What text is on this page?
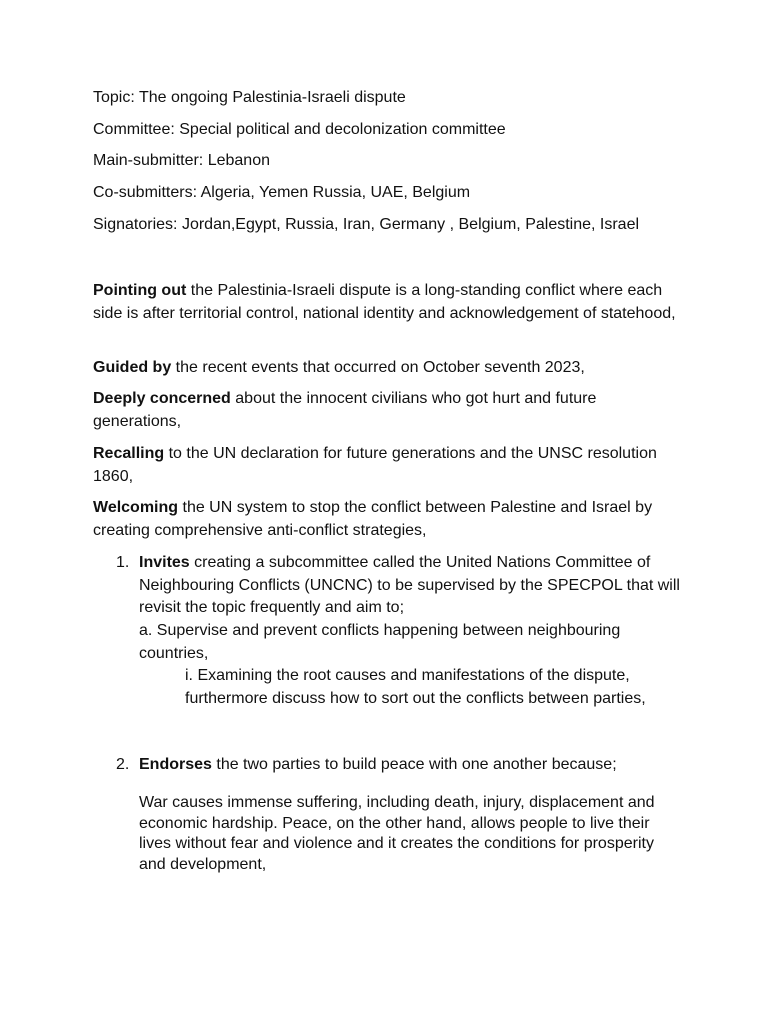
Topic: The ongoing Palestinia-Israeli dispute
Committee: Special political and decolonization committee
Main-submitter: Lebanon
Co-submitters: Algeria, Yemen Russia, UAE, Belgium
Signatories: Jordan,Egypt, Russia, Iran, Germany , Belgium, Palestine, Israel
Pointing out the Palestinia-Israeli dispute is a long-standing conflict where each side is after territorial control, national identity and acknowledgement of statehood,
Guided by the recent events that occurred on October seventh 2023,
Deeply concerned about the innocent civilians who got hurt and future generations,
Recalling to the UN declaration for future generations and the UNSC resolution 1860,
Welcoming the UN system to stop the conflict between Palestine and Israel by creating comprehensive anti-conflict strategies,
1. Invites creating a subcommittee called the United Nations Committee of Neighbouring Conflicts (UNCNC) to be supervised by the SPECPOL that will revisit the topic frequently and aim to;
a. Supervise and prevent conflicts happening between neighbouring countries,
i. Examining the root causes and manifestations of the dispute, furthermore discuss how to sort out the conflicts between parties,
2. Endorses the two parties to build peace with one another because;
War causes immense suffering, including death, injury, displacement and economic hardship. Peace, on the other hand, allows people to live their lives without fear and violence and it creates the conditions for prosperity and development,
